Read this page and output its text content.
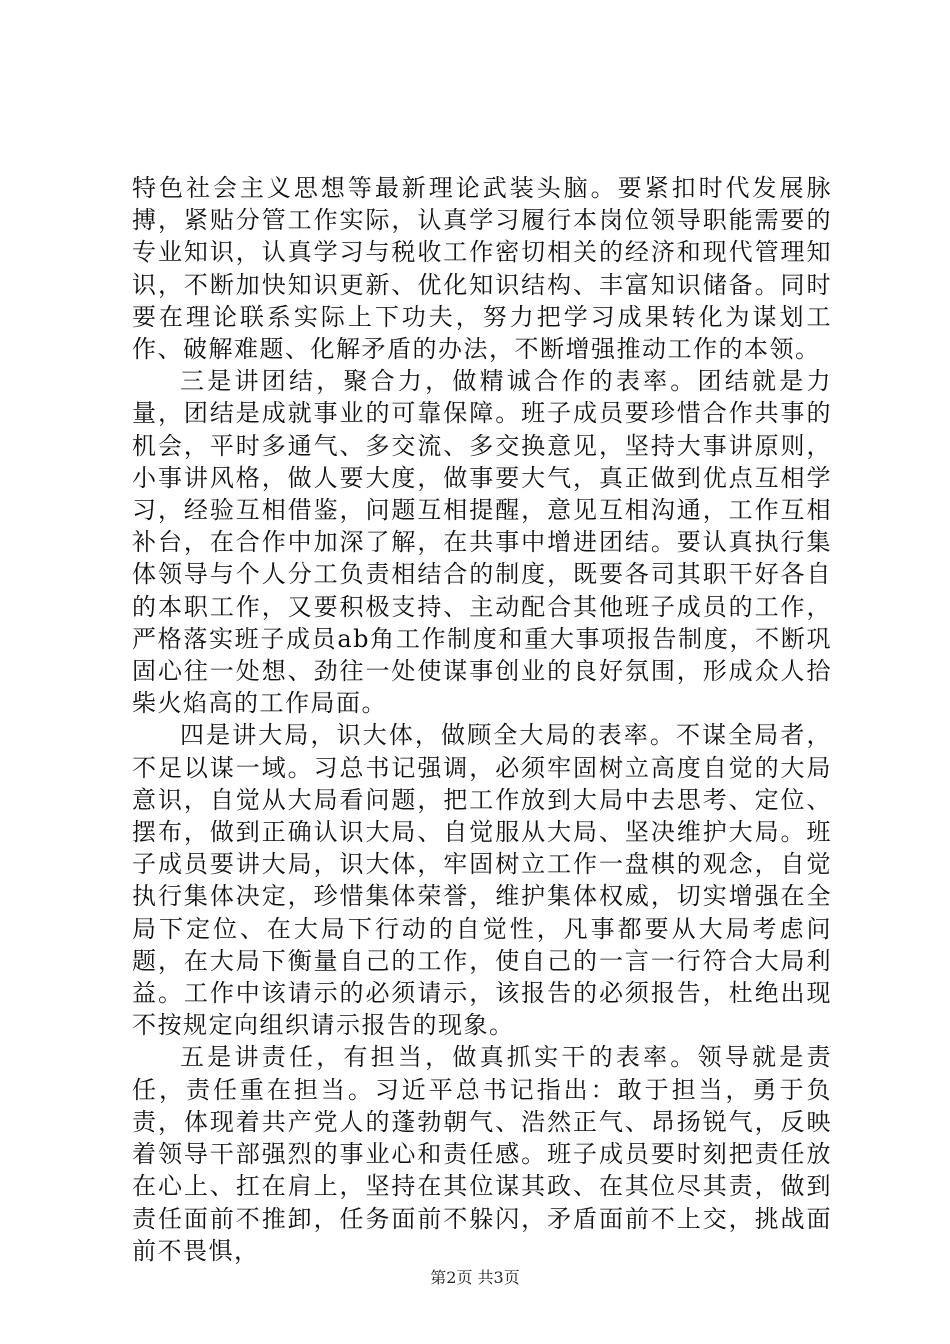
特色社会主义思想等最新理论武装头脑。要紧扣时代发展脉搏，紧贴分管工作实际，认真学习履行本岗位领导职能需要的专业知识，认真学习与税收工作密切相关的经济和现代管理知识，不断加快知识更新、优化知识结构、丰富知识储备。同时要在理论联系实际上下功夫，努力把学习成果转化为谋划工作、破解难题、化解矛盾的办法，不断增强推动工作的本领。

三是讲团结，聚合力，做精诚合作的表率。团结就是力量，团结是成就事业的可靠保障。班子成员要珍惜合作共事的机会，平时多通气、多交流、多交换意见，坚持大事讲原则，小事讲风格，做人要大度，做事要大气，真正做到优点互相学习，经验互相借鉴，问题互相提醒，意见互相沟通，工作互相补台，在合作中加深了解，在共事中增进团结。要认真执行集体领导与个人分工负责相结合的制度，既要各司其职干好各自的本职工作，又要积极支持、主动配合其他班子成员的工作，严格落实班子成员ab角工作制度和重大事项报告制度，不断巩固心往一处想、劲往一处使谋事创业的良好氛围，形成众人拾柴火焰高的工作局面。

四是讲大局，识大体，做顾全大局的表率。不谋全局者，不足以谋一域。习总书记强调，必须牢固树立高度自觉的大局意识，自觉从大局看问题，把工作放到大局中去思考、定位、摆布，做到正确认识大局、自觉服从大局、坚决维护大局。班子成员要讲大局，识大体，牢固树立工作一盘棋的观念，自觉执行集体决定，珍惜集体荣誉，维护集体权威，切实增强在全局下定位、在大局下行动的自觉性，凡事都要从大局考虑问题，在大局下衡量自己的工作，使自己的一言一行符合大局利益。工作中该请示的必须请示，该报告的必须报告，杜绝出现不按规定向组织请示报告的现象。

五是讲责任，有担当，做真抓实干的表率。领导就是责任，责任重在担当。习近平总书记指出：敢于担当，勇于负责，体现着共产党人的蓬勃朝气、浩然正气、昂扬锐气，反映着领导干部强烈的事业心和责任感。班子成员要时刻把责任放在心上、扛在肩上，坚持在其位谋其政、在其位尽其责，做到责任面前不推卸，任务面前不躲闪，矛盾面前不上交，挑战面前不畏惧，

第2页 共3页
